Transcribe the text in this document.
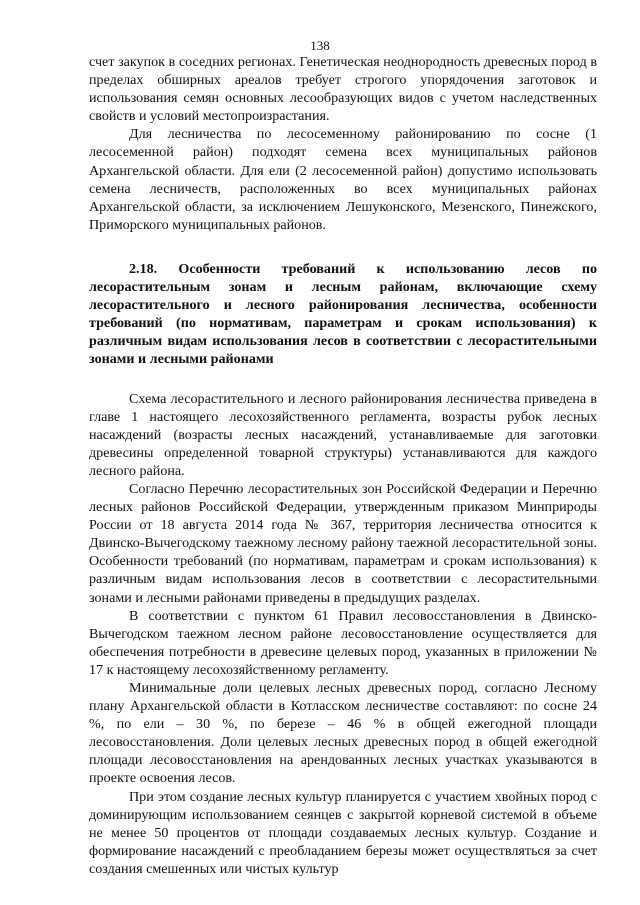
138

счет закупок в соседних регионах. Генетическая неоднородность древесных пород в пределах обширных ареалов требует строгого упорядочения заготовок и использования семян основных лесообразующих видов с учетом наследственных свойств и условий местопроизрастания.

Для лесничества по лесосеменному районированию по сосне (1 лесосеменной район) подходят семена всех муниципальных районов Архангельской области. Для ели (2 лесосеменной район) допустимо использовать семена лесничеств, расположенных во всех муниципальных районах Архангельской области, за исключением Лешуконского, Мезенского, Пинежского, Приморского муниципальных районов.

2.18. Особенности требований к использованию лесов по лесорастительным зонам и лесным районам, включающие схему лесорастительного и лесного районирования лесничества, особенности требований (по нормативам, параметрам и срокам использования) к различным видам использования лесов в соответствии с лесорастительными зонами и лесными районами

Схема лесорастительного и лесного районирования лесничества приведена в главе 1 настоящего лесохозяйственного регламента, возрасты рубок лесных насаждений (возрасты лесных насаждений, устанавливаемые для заготовки древесины определенной товарной структуры) устанавливаются для каждого лесного района.

Согласно Перечню лесорастительных зон Российской Федерации и Перечню лесных районов Российской Федерации, утвержденным приказом Минприроды России от 18 августа 2014 года № 367, территория лесничества относится к Двинско-Вычегодскому таежному лесному району таежной лесорастительной зоны. Особенности требований (по нормативам, параметрам и срокам использования) к различным видам использования лесов в соответствии с лесорастительными зонами и лесными районами приведены в предыдущих разделах.

В соответствии с пунктом 61 Правил лесовосстановления в Двинско-Вычегодском таежном лесном районе лесовосстановление осуществляется для обеспечения потребности в древесине целевых пород, указанных в приложении № 17 к настоящему лесохозяйственному регламенту.

Минимальные доли целевых лесных древесных пород, согласно Лесному плану Архангельской области в Котласском лесничестве составляют: по сосне 24 %, по ели – 30 %, по березе – 46 % в общей ежегодной площади лесовосстановления. Доли целевых лесных древесных пород в общей ежегодной площади лесовосстановления на арендованных лесных участках указываются в проекте освоения лесов.

При этом создание лесных культур планируется с участием хвойных пород с доминирующим использованием сеянцев с закрытой корневой системой в объеме не менее 50 процентов от площади создаваемых лесных культур. Создание и формирование насаждений с преобладанием березы может осуществляться за счет создания смешенных или чистых культур
